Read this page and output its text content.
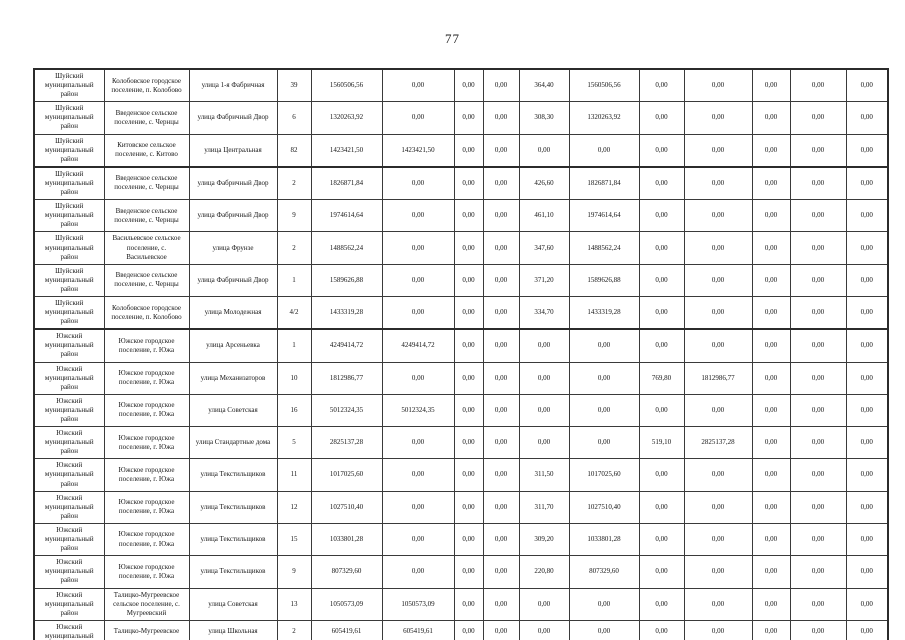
77
Шуйский муниципальный район	Колобовское городское поселение, п. Колобово	улица 1-я Фабричная	39	1560506,56	0,00	0,00	0,00	364,40	1560506,56	0,00	0,00	0,00	0,00	0,00
Шуйский муниципальный район	Введенское сельское поселение, с. Чернцы	улица Фабричный Двор	6	1320263,92	0,00	0,00	0,00	308,30	1320263,92	0,00	0,00	0,00	0,00	0,00
Шуйский муниципальный район	Китовское сельское поселение, с. Китово	улица Центральная	82	1423421,50	1423421,50	0,00	0,00	0,00	0,00	0,00	0,00	0,00	0,00	0,00
Шуйский муниципальный район	Введенское сельское поселение, с. Чернцы	улица Фабричный Двор	2	1826871,84	0,00	0,00	0,00	426,60	1826871,84	0,00	0,00	0,00	0,00	0,00
Шуйский муниципальный район	Введенское сельское поселение, с. Чернцы	улица Фабричный Двор	9	1974614,64	0,00	0,00	0,00	461,10	1974614,64	0,00	0,00	0,00	0,00	0,00
Шуйский муниципальный район	Васильевское сельское поселение, с. Васильевское	улица Фрунзе	2	1488562,24	0,00	0,00	0,00	347,60	1488562,24	0,00	0,00	0,00	0,00	0,00
Шуйский муниципальный район	Введенское сельское поселение, с. Чернцы	улица Фабричный Двор	1	1589626,88	0,00	0,00	0,00	371,20	1589626,88	0,00	0,00	0,00	0,00	0,00
Шуйский муниципальный район	Колобовское городское поселение, п. Колобово	улица Молодежная	4/2	1433319,28	0,00	0,00	0,00	334,70	1433319,28	0,00	0,00	0,00	0,00	0,00
Южский муниципальный район	Южское городское поселение, г. Южа	улица Арсеньевка	1	4249414,72	4249414,72	0,00	0,00	0,00	0,00	0,00	0,00	0,00	0,00	0,00
Южский муниципальный район	Южское городское поселение, г. Южа	улица Механизаторов	10	1812986,77	0,00	0,00	0,00	0,00	0,00	769,80	1812986,77	0,00	0,00	0,00
Южский муниципальный район	Южское городское поселение, г. Южа	улица Советская	16	5012324,35	5012324,35	0,00	0,00	0,00	0,00	0,00	0,00	0,00	0,00	0,00
Южский муниципальный район	Южское городское поселение, г. Южа	улица Стандартные дома	5	2825137,28	0,00	0,00	0,00	0,00	0,00	519,10	2825137,28	0,00	0,00	0,00
Южский муниципальный район	Южское городское поселение, г. Южа	улица Текстильщиков	11	1017025,60	0,00	0,00	0,00	311,50	1017025,60	0,00	0,00	0,00	0,00	0,00
Южский муниципальный район	Южское городское поселение, г. Южа	улица Текстильщиков	12	1027510,40	0,00	0,00	0,00	311,70	1027510,40	0,00	0,00	0,00	0,00	0,00
Южский муниципальный район	Южское городское поселение, г. Южа	улица Текстильщиков	15	1033801,28	0,00	0,00	0,00	309,20	1033801,28	0,00	0,00	0,00	0,00	0,00
Южский муниципальный район	Южское городское поселение, г. Южа	улица Текстильщиков	9	807329,60	0,00	0,00	0,00	220,80	807329,60	0,00	0,00	0,00	0,00	0,00
Южский муниципальный район	Талицко-Мугреевское сельское поселение, с. Мугреевский	улица Советская	13	1050573,09	1050573,09	0,00	0,00	0,00	0,00	0,00	0,00	0,00	0,00	0,00
Южский муниципальный	Талицко-Мугреевское	улица Школьная	2	605419,61	605419,61	0,00	0,00	0,00	0,00	0,00	0,00	0,00	0,00	0,00
